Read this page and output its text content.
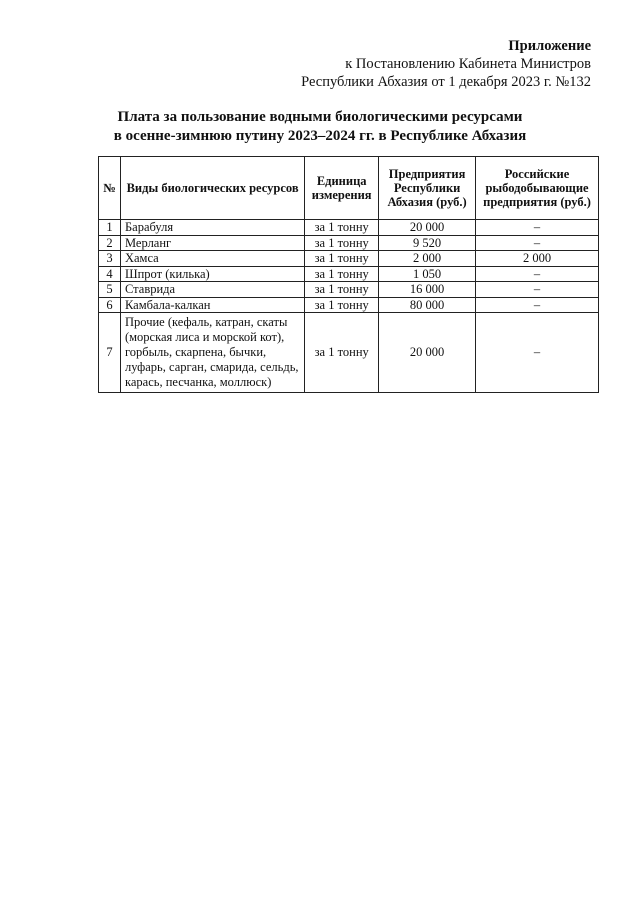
Приложение
к Постановлению Кабинета Министров
Республики Абхазия от 1 декабря 2023 г. №132
Плата за пользование водными биологическими ресурсами
в осенне-зимнюю путину 2023–2024 гг. в Республике Абхазия
№	Виды биологических ресурсов	Единица измерения	Предприятия Республики Абхазия (руб.)	Российские рыбодобывающие предприятия (руб.)
1	Барабуля	за 1 тонну	20 000	–
2	Мерланг	за 1 тонну	9 520	–
3	Хамса	за 1 тонну	2 000	2 000
4	Шпрот (килька)	за 1 тонну	1 050	–
5	Ставрида	за 1 тонну	16 000	–
6	Камбала-калкан	за 1 тонну	80 000	–
7	Прочие (кефаль, катран, скаты (морская лиса и морской кот), горбыль, скарпена, бычки, луфарь, сарган, смарида, сельдь, карась, песчанка, моллюск)	за 1 тонну	20 000	–
